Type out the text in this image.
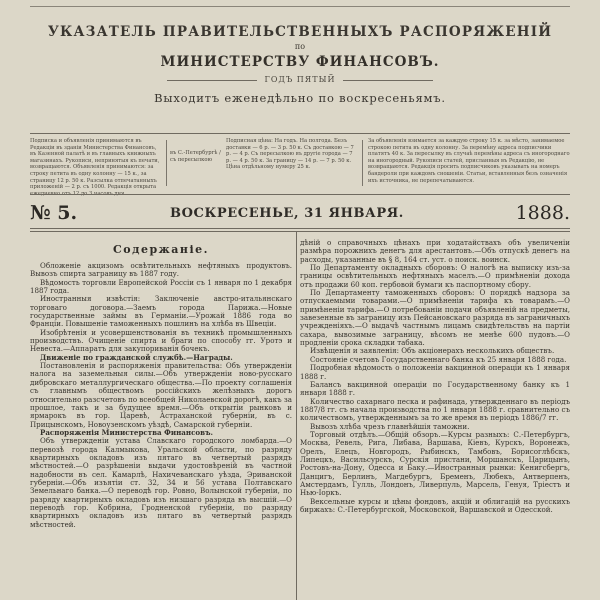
УКАЗАТЕЛЬ ПРАВИТЕЛЬСТВЕННЫХЪ РАСПОРЯЖЕНІЙ
по
МИНИСТЕРСТВУ ФИНАНСОВЪ.
ГОДЪ ПЯТЫЙ
Выходитъ еженедѣльно по воскресеньямъ.
Подписка и объявленія принимаются въ Редакціи въ зданіи Министерства Финансовъ, въ Казенной палатѣ и въ главныхъ книжныхъ магазинахъ. Рукописи, непринятыя къ печати, возвращаются. Объявленія принимаются: за строку петита въ одну колонну — 15 к., за страницу 12 р. 50 к. Разсылка отпечатанныхъ приложеній — 2 р. съ 1000. Редакція открыта ежедневно отъ 12 до 3 часовъ дня.
въ С.-Петербургѣ / съ пересылкою
Подписная цѣна: На годъ. На полгода. Безъ доставки — 6 р. — 3 р. 50 к. Съ доставкою — 7 р. — 4 р. Съ пересылкою въ другіе города — 7 р. — 4 р. 50 к. За границу — 14 р. — 7 р. 50 к. Цѣна отдѣльному нумеру 25 к.
За объявленія взимается за каждую строку 15 к. за мѣсто, занимаемое строкою петита въ одну колонну. За перемѣну адреса подписчики платятъ 40 к. За пересылку въ случаѣ перемѣны адреса съ иногороднаго на иногородный. Рукописи статей, присланныя въ Редакцію, не возвращаются. Редакція просить подписчиковъ указывать на номеръ бандероли при каждомъ сношеніи. Статьи, вставленныя безъ означенія ихъ источника, не перепечатываются.
№ 5.	ВОСКРЕСЕНЬЕ, 31 ЯНВАРЯ.	1888.
Содержаніе.

Обложеніе акцизомъ освѣтительныхъ нефтяныхъ продуктовъ. Вывозъ спирта заграницу въ 1887 году.

Вѣдомость торговли Европейской Россіи съ 1 января по 1 декабря 1887 года.

Иностранныя извѣстія: Заключеніе австро-итальянскаго торговаго договора.—Заемъ города Парижа.—Новые государственные займы въ Германіи.—Урожай 1886 года во Франціи. Повышеніе таможенныхъ пошлинъ на хлѣба въ Швеціи.

Изобрѣтенія и усовершенствованія въ техникѣ промышленныхъ производствъ. Очищеніе спирта и браги по способу гг. Уротэ и Невеста.—Аппаратъ для закупориванія бочекъ.

Движеніе по гражданской службѣ.—Награды.

Постановленія и распоряженія правительства: Объ утвержденіи налога на заземельныя силы.—Объ утвержденіи ново-русскаго дибровскаго металлургическаго общества.—По проекту соглашенія съ главнымъ обществомъ россійскихъ желѣзныхъ дорогъ относительно разсчетовъ по всеобщей Николаевской дорогѣ, какъ за прошлое, такъ и за будущее время.—Объ открытіи рынковъ и ярмарокъ въ гор. Царевѣ, Астраханской губерніи, въ с. Прицынскомъ, Новоузенскомъ уѣздѣ, Самарской губерніи.

Распоряженія Министерства Финансовъ.

Объ утвержденіи устава Славскаго городского ломбарда.—О перевозѣ города Калмыкова, Уральской области, по разряду квартирныхъ окладовъ изъ пятаго въ четвертый разрядъ мѣстностей.—О разрѣшеніи выдачи удостовѣреній въ частной надобности въ сел. Камарлѣ, Нахичеванскаго уѣзда, Эриванской губерніи.—Объ изъятіи ст. 32, 34 и 56 устава Полтавскаго Земельнаго банка.—О переводѣ гор. Ровно, Волынской губерніи, по разряду квартирныхъ окладовъ изъ низшаго разряда въ высшій.—О переводѣ гор. Кобрина, Гродненской губерніи, по разряду квартирныхъ окладовъ изъ пятаго въ четвертый разрядъ мѣстностей.

дѣній о справочныхъ цѣнахъ при ходатайствахъ объ увеличеніи размѣра порожнихъ денегъ для арестантовъ.—Объ отпускѣ денегъ на расходы, указанные въ § 8, 164 ст. уст. о поиск. воинск.

По Департаменту окладныхъ сборовъ: О налогѣ на выписку изъ-за границы освѣтительныхъ нефтяныхъ маселъ.—О примѣненіи дохода отъ продажи 60 коп. гербовой бумаги къ паспортному сбору.

По Департаменту таможенныхъ сборовъ: О порядкѣ надзора за отпускаемыми товарами.—О примѣненіи тарифа къ товарамъ.—О примѣненіи тарифа.—О потребованіи подачи объявленій на предметы, завезенные въ заграницу изъ Пейсановскаго разряда въ заграничныхъ учрежденіяхъ.—О выдачѣ частнымъ лицамъ свидѣтельствъ на партіи сахара, вывозимые заграницу, вѣсомъ не менѣе 600 пудовъ.—О продленіи срока складки табака.

Извѣщенія и заявленія: Объ акціонерахъ несколькихъ обществъ.

Состояніе счетовъ Государственнаго банка къ 25 января 1888 года.

Подробная вѣдомость о положеніи вакцинной операціи къ 1 января 1888 г.

Балансъ вакцинной операціи по Государственному банку къ 1 января 1888 г.

Количество сахарнаго песка и рафинада, утвержденнаго въ періодъ 1887/8 гг. съ начала производства по 1 января 1888 г. сравнительно съ количествомъ, утвержденнымъ за то же время въ періодъ 1886/7 гг.

Вывозъ хлѣба чрезъ главнѣйшія таможни.

Торговый отдѣлъ.—Общій обзоръ.—Курсы разныхъ: С.-Петербургъ, Москва, Ревель, Рига, Либава, Варшава, Кіевъ, Курскъ, Воронежъ, Орелъ, Елецъ, Новгородъ, Рыбинскъ, Тамбовъ, Борисоглѣбскъ, Липецкъ, Васильсурскъ, Сурскія пристани, Моршанскъ, Царицынъ, Ростовъ-на-Дону, Одесса и Баку.—Иностранныя рынки: Кенигсбергъ, Данцигъ, Берлинъ, Магдебургъ, Бременъ, Любекъ, Антверпенъ, Амстердамъ, Гулль, Лондонъ, Ливерпуль, Марсель, Генуя, Тріестъ и Нью-Іоркъ.

Вексельные курсы и цѣны фондовъ, акцій и облигацій на русскихъ биржахъ: С.-Петербургской, Московской, Варшавской и Одесской.
